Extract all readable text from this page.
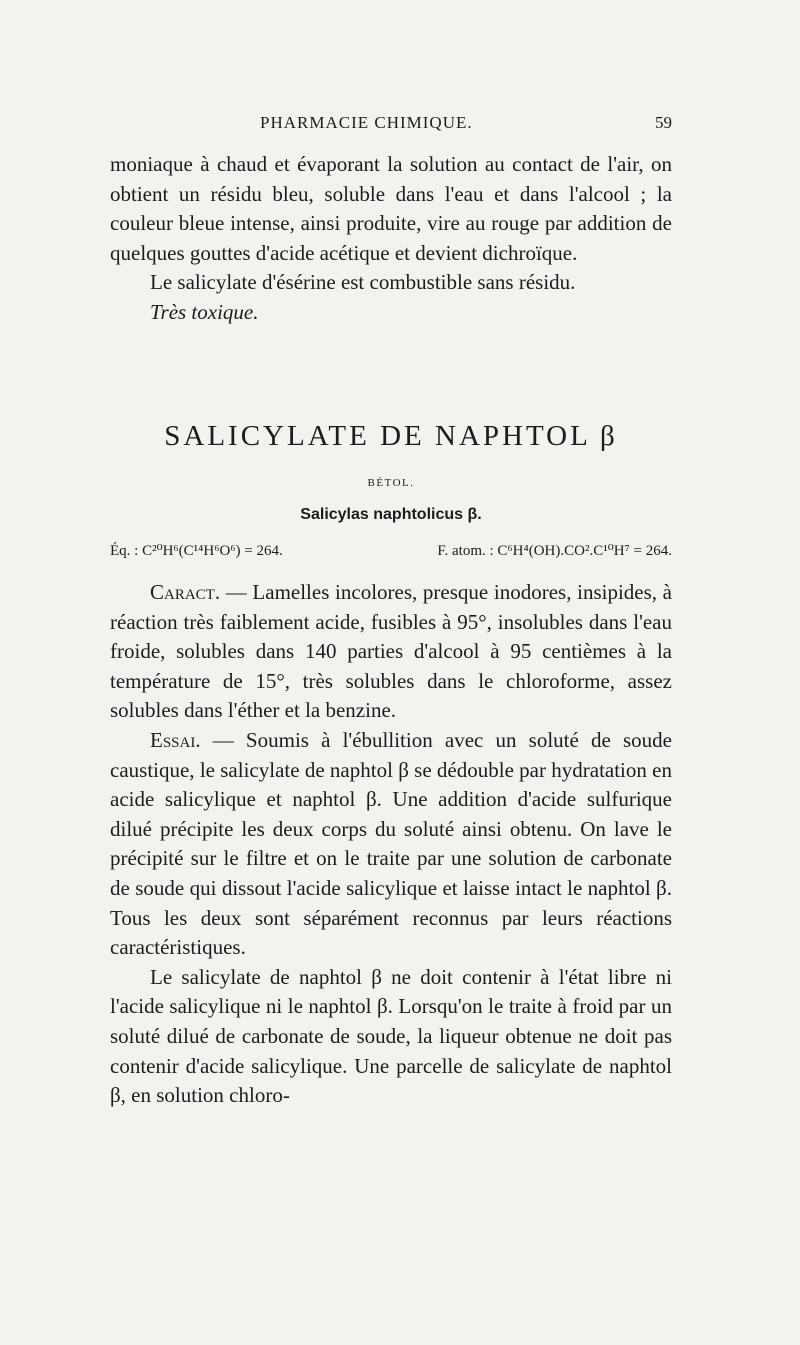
PHARMACIE CHIMIQUE.	59

moniaque à chaud et évaporant la solution au contact de l'air, on obtient un résidu bleu, soluble dans l'eau et dans l'alcool ; la couleur bleue intense, ainsi produite, vire au rouge par addition de quelques gouttes d'acide acétique et devient dichroïque.

Le salicylate d'ésérine est combustible sans résidu.

Très toxique.

SALICYLATE DE NAPHTOL β
BÉTOL.
Salicylas naphtolicus β.
Éq. : C²⁰H⁶(C¹⁴H⁶O⁶) = 264.	F. atom. : C⁶H⁴(OH).CO².C¹⁰H⁷ = 264.

Caract. — Lamelles incolores, presque inodores, insipides, à réaction très faiblement acide, fusibles à 95°, insolubles dans l'eau froide, solubles dans 140 parties d'alcool à 95 centièmes à la température de 15°, très solubles dans le chloroforme, assez solubles dans l'éther et la benzine.

Essai. — Soumis à l'ébullition avec un soluté de soude caustique, le salicylate de naphtol β se dédouble par hydratation en acide salicylique et naphtol β. Une addition d'acide sulfurique dilué précipite les deux corps du soluté ainsi obtenu. On lave le précipité sur le filtre et on le traite par une solution de carbonate de soude qui dissout l'acide salicylique et laisse intact le naphtol β. Tous les deux sont séparément reconnus par leurs réactions caractéristiques.

Le salicylate de naphtol β ne doit contenir à l'état libre ni l'acide salicylique ni le naphtol β. Lorsqu'on le traite à froid par un soluté dilué de carbonate de soude, la liqueur obtenue ne doit pas contenir d'acide salicylique. Une parcelle de salicylate de naphtol β, en solution chloro-
